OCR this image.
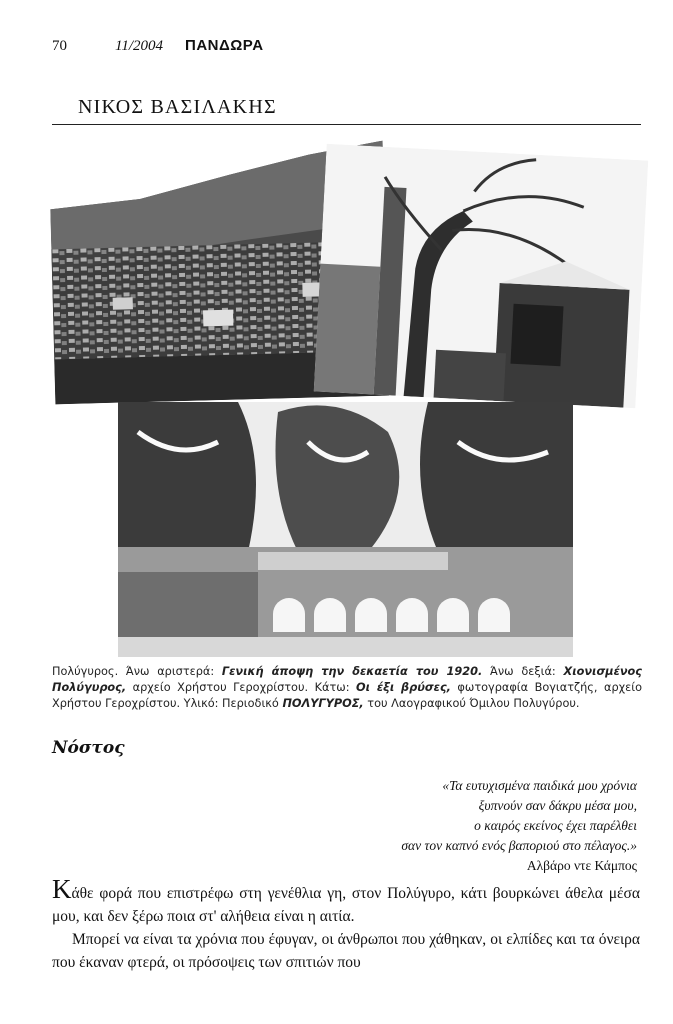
70	11/2004 ΠΑΝΔΩΡΑ
ΝΙΚΟΣ ΒΑΣΙΛΑΚΗΣ
Πολύγυρος. Άνω αριστερά: Γενική άποψη την δεκαετία του 1920. Άνω δεξιά: Χιονισμένος Πολύγυρος, αρχείο Χρήστου Γεροχρίστου. Κάτω: Οι έξι βρύσες, φωτογραφία Βογιατζής, αρχείο Χρήστου Γεροχρίστου. Υλικό: Περιοδικό ΠΟΛΥΓΥΡΟΣ, του Λαογραφικού Όμιλου Πολυγύρου.
Νόστος
«Τα ευτυχισμένα παιδικά μου χρόνια
ξυπνούν σαν δάκρυ μέσα μου,
ο καιρός εκείνος έχει παρέλθει
σαν τον καπνό ενός βαποριού στο πέλαγος.»
Αλβάρο ντε Κάμπος

Κάθε φορά που επιστρέφω στη γενέθλια γη, στον Πολύγυρο, κάτι βουρκώνει άθελα μέσα μου, και δεν ξέρω ποια στ' αλήθεια είναι η αιτία.

Μπορεί να είναι τα χρόνια που έφυγαν, οι άνθρωποι που χάθηκαν, οι ελπίδες και τα όνειρα που έκαναν φτερά, οι πρόσοψεις των σπιτιών που
